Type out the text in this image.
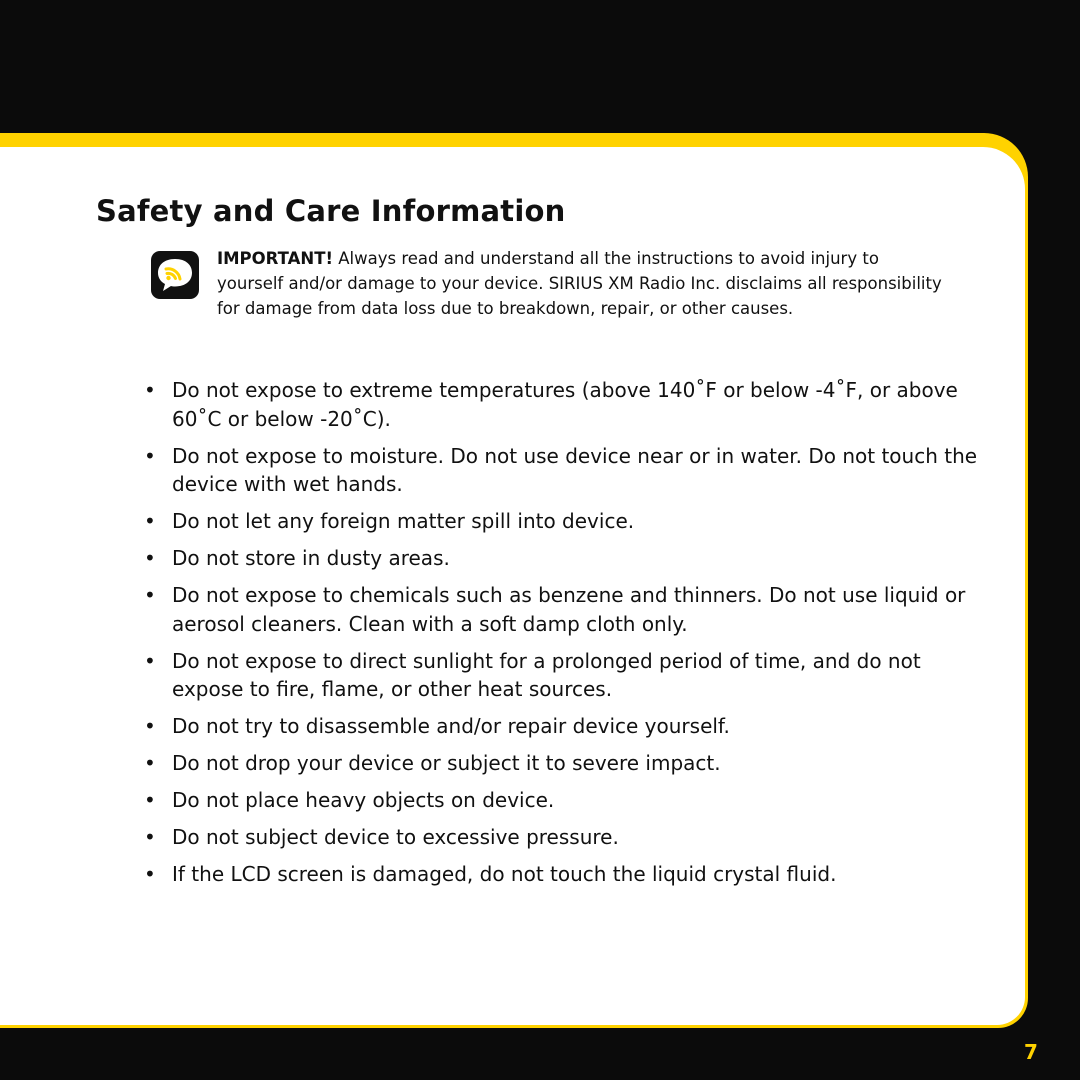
Safety and Care Information

IMPORTANT! Always read and understand all the instructions to avoid injury to yourself and/or damage to your device. SIRIUS XM Radio Inc. disclaims all responsibility for damage from data loss due to breakdown, repair, or other causes.

• Do not expose to extreme temperatures (above 140˚F or below -4˚F, or above 60˚C or below -20˚C).
• Do not expose to moisture. Do not use device near or in water. Do not touch the device with wet hands.
• Do not let any foreign matter spill into device.
• Do not store in dusty areas.
• Do not expose to chemicals such as benzene and thinners. Do not use liquid or aerosol cleaners. Clean with a soft damp cloth only.
• Do not expose to direct sunlight for a prolonged period of time, and do not expose to fire, flame, or other heat sources.
• Do not try to disassemble and/or repair device yourself.
• Do not drop your device or subject it to severe impact.
• Do not place heavy objects on device.
• Do not subject device to excessive pressure.
• If the LCD screen is damaged, do not touch the liquid crystal fluid.
7
